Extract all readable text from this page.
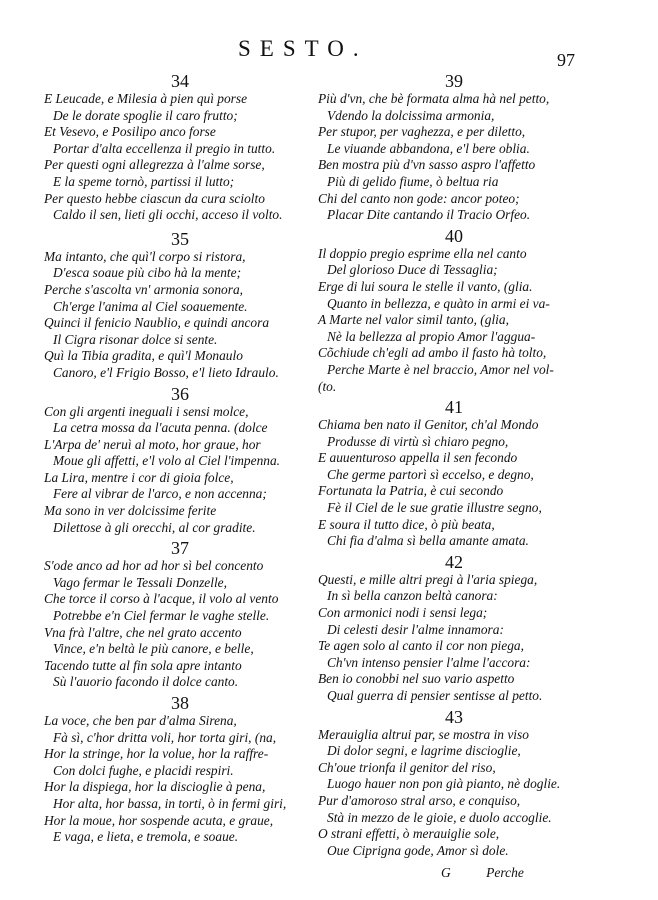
SESTO.	97
34
E Leucade, e Milesia à pien quì porse
De le dorate spoglie il caro frutto;
Et Vesevo, e Posilipo anco forse
Portar d'alta eccellenza il pregio in tutto.
Per questi ogni allegrezza à l'alme sorse,
E la speme tornò, partissi il lutto;
Per questo hebbe ciascun da cura sciolto
Caldo il sen, lieti gli occhi, acceso il volto.
35
Ma intanto, che quì'l corpo si ristora,
D'esca soaue più cibo hà la mente;
Perche s'ascolta vn' armonia sonora,
Ch'erge l'anima al Ciel soauemente.
Quinci il fenicio Naublio, e quindi ancora
Il Cigra risonar dolce si sente.
Quì la Tibia gradita, e quì'l Monaulo
Canoro, e'l Frigio Bosso, e'l lieto Idraulo.
36
Con gli argenti ineguali i sensi molce,
La cetra mossa da l'acuta penna. (dolce
L'Arpa de' neruì al moto, hor graue, hor
Moue gli affetti, e'l volo al Ciel l'impenna.
La Lira, mentre i cor di gioia folce,
Fere al vibrar de l'arco, e non accenna;
Ma sono in ver dolcissime ferite
Dilettose à gli orecchi, al cor gradite.
37
S'ode anco ad hor ad hor sì bel concento
Vago fermar le Tessali Donzelle,
Che torce il corso à l'acque, il volo al vento
Potrebbe e'n Ciel fermar le vaghe stelle.
Vna frà l'altre, che nel grato accento
Vince, e'n beltà le più canore, e belle,
Tacendo tutte al fin sola apre intanto
Sù l'auorio facondo il dolce canto.
38
La voce, che ben par d'alma Sirena,
Fà sì, c'hor dritta voli, hor torta giri, (na,
Hor la stringe, hor la volue, hor la raffre-
Con dolci fughe, e placidi respiri.
Hor la dispiega, hor la discioglie à pena,
Hor alta, hor bassa, in torti, ò in fermi giri,
Hor la moue, hor sospende acuta, e graue,
E vaga, e lieta, e tremola, e soaue.
39
Più d'vn, che bè formata alma hà nel petto,
Vdendo la dolcissima armonia,
Per stupor, per vaghezza, e per diletto,
Le viuande abbandona, e'l bere oblia.
Ben mostra più d'vn sasso aspro l'affetto
Più di gelido fiume, ò beltua ria
Chi del canto non gode: ancor poteo;
Placar Dite cantando il Tracio Orfeo.
40
Il doppio pregio esprime ella nel canto
Del glorioso Duce di Tessaglia;
Erge di lui soura le stelle il vanto, (glia.
Quanto in bellezza, e quàto in armi ei va-
A Marte nel valor simil tanto, (glia,
Nè la bellezza al propio Amor l'aggua-
Cõchiude ch'egli ad ambo il fasto hà tolto,
Perche Marte è nel braccio, Amor nel vol-
(to.
41
Chiama ben nato il Genitor, ch'al Mondo
Produsse di virtù sì chiaro pegno,
E auuenturoso appella il sen fecondo
Che germe partorì sì eccelso, e degno,
Fortunata la Patria, è cui secondo
Fè il Ciel de le sue gratie illustre segno,
E soura il tutto dice, ò più beata,
Chi fia d'alma sì bella amante amata.
42
Questi, e mille altri pregi à l'aria spiega,
In sì bella canzon beltà canora:
Con armonici nodi i sensi lega;
Di celesti desir l'alme innamora:
Te agen solo al canto il cor non piega,
Ch'vn intenso pensier l'alme l'accora:
Ben io conobbi nel suo vario aspetto
Qual guerra di pensier sentisse al petto.
43
Merauiglia altrui par, se mostra in viso
Di dolor segni, e lagrime discioglie,
Ch'oue trionfa il genitor del riso,
Luogo hauer non pon già pianto, nè doglie.
Pur d'amoroso stral arso, e conquiso,
Stà in mezzo de le gioie, e duolo accoglie.
O strani effetti, ò merauiglie sole,
Oue Ciprigna gode, Amor sì dole.
G	Perche
